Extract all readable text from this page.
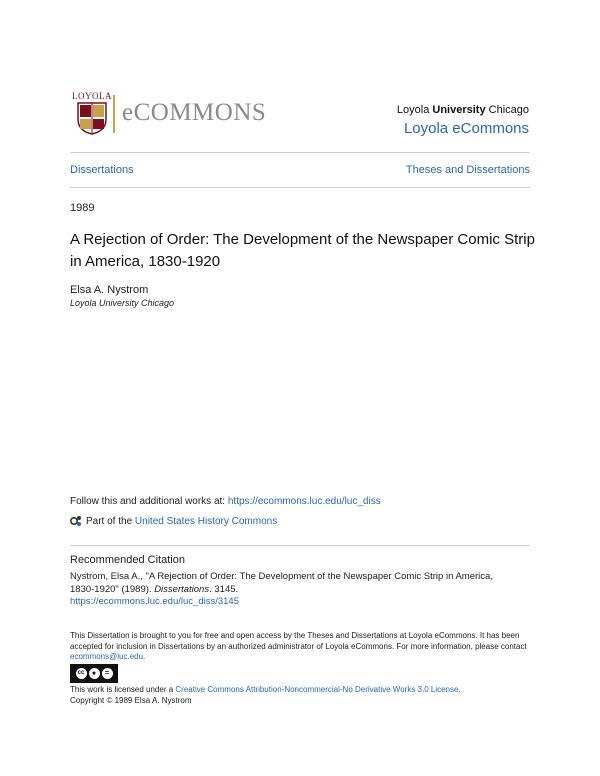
LOYOLA
eCOMMONS	Loyola University Chicago
Loyola eCommons
Dissertations	Theses and Dissertations
1989
A Rejection of Order: The Development of the Newspaper Comic Strip in America, 1830-1920
Elsa A. Nystrom
Loyola University Chicago
Follow this and additional works at: https://ecommons.luc.edu/luc_diss
Part of the United States History Commons
Recommended Citation
Nystrom, Elsa A., "A Rejection of Order: The Development of the Newspaper Comic Strip in America,
1830-1920" (1989). Dissertations. 3145.
https://ecommons.luc.edu/luc_diss/3145
This Dissertation is brought to you for free and open access by the Theses and Dissertations at Loyola eCommons. It has been accepted for inclusion in Dissertations by an authorized administrator of Loyola eCommons. For more information, please contact ecommons@luc.edu.
cc	●	=
This work is licensed under a Creative Commons Attribution-Noncommercial-No Derivative Works 3.0 License.
Copyright © 1989 Elsa A. Nystrom
